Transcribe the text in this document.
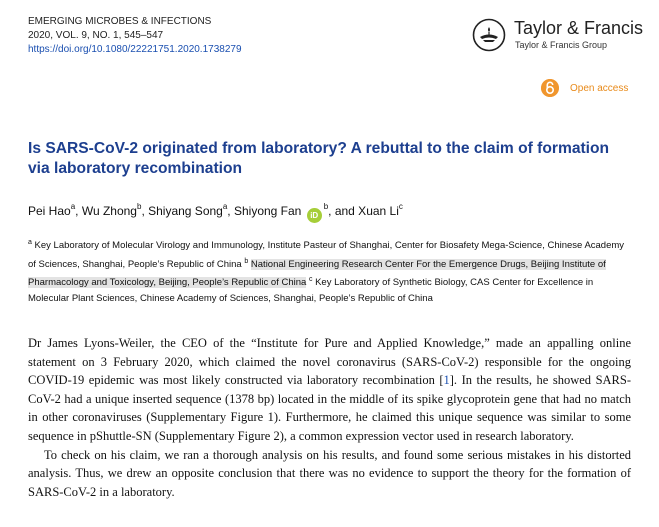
EMERGING MICROBES & INFECTIONS
2020, VOL. 9, NO. 1, 545–547
https://doi.org/10.1080/22221751.2020.1738279
Taylor & Francis
Taylor & Francis Group
Open access
Is SARS-CoV-2 originated from laboratory? A rebuttal to the claim of formation via laboratory recombination
Pei Hao$^a$, Wu Zhong$^b$, Shiyang Song$^a$, Shiyong Fan $iD^b$, and Xuan Li$^c$
$^a$ Key Laboratory of Molecular Virology and Immunology, Institute Pasteur of Shanghai, Center for Biosafety Mega-Science, Chinese Academy of Sciences, Shanghai, People’s Republic of China $^b$ National Engineering Research Center For the Emergence Drugs, Beijing Institute of Pharmacology and Toxicology, Beijing, People’s Republic of China $^c$ Key Laboratory of Synthetic Biology, CAS Center for Excellence in Molecular Plant Sciences, Chinese Academy of Sciences, Shanghai, People’s Republic of China

Dr James Lyons-Weiler, the CEO of the “Institute for Pure and Applied Knowledge,” made an appalling online statement on 3 February 2020, which claimed the novel coronavirus (SARS-CoV-2) responsible for the ongoing COVID-19 epidemic was most likely constructed via laboratory recombination [1]. In the results, he showed SARS-CoV-2 had a unique inserted sequence (1378 bp) located in the middle of its spike glycoprotein gene that had no match in other coronaviruses (Supplementary Figure 1). Furthermore, he claimed this unique sequence was similar to some sequence in pShuttle-SN (Supplementary Figure 2), a common expression vector used in research laboratory.

To check on his claim, we ran a thorough analysis on his results, and found some serious mistakes in his distorted analysis. Thus, we drew an opposite conclusion that there was no evidence to support the theory for the formation of SARS-CoV-2 in a laboratory.
